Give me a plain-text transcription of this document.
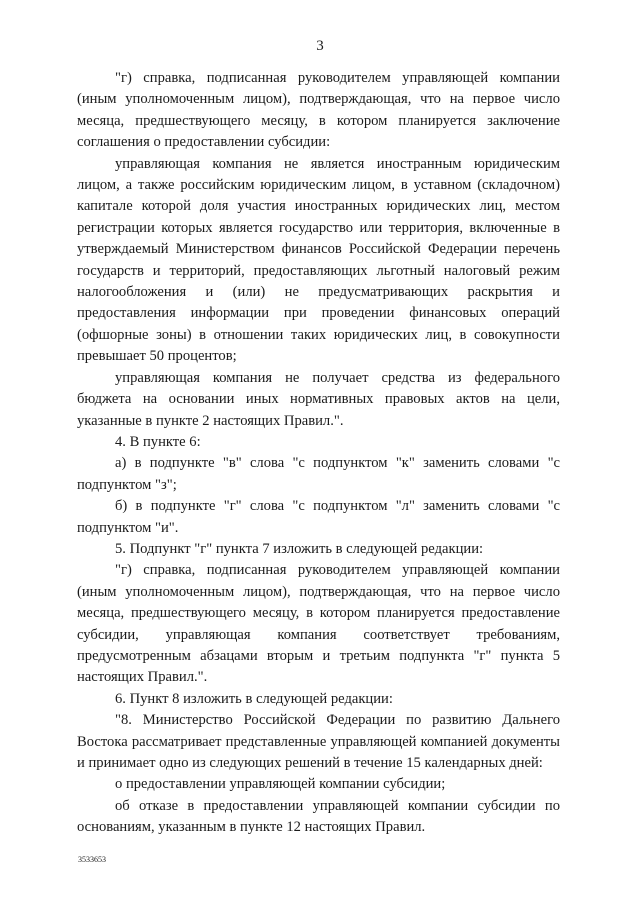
3

"г) справка, подписанная руководителем управляющей компании (иным уполномоченным лицом), подтверждающая, что на первое число месяца, предшествующего месяцу, в котором планируется заключение соглашения о предоставлении субсидии:

управляющая компания не является иностранным юридическим лицом, а также российским юридическим лицом, в уставном (складочном) капитале которой доля участия иностранных юридических лиц, местом регистрации которых является государство или территория, включенные в утверждаемый Министерством финансов Российской Федерации перечень государств и территорий, предоставляющих льготный налоговый режим налогообложения и (или) не предусматривающих раскрытия и предоставления информации при проведении финансовых операций (офшорные зоны) в отношении таких юридических лиц, в совокупности превышает 50 процентов;

управляющая компания не получает средства из федерального бюджета на основании иных нормативных правовых актов на цели, указанные в пункте 2 настоящих Правил.".

4. В пункте 6:

а) в подпункте "в" слова "с подпунктом "к" заменить словами "с подпунктом "з";

б) в подпункте "г" слова "с подпунктом "л" заменить словами "с подпунктом "и".

5. Подпункт "г" пункта 7 изложить в следующей редакции:

"г) справка, подписанная руководителем управляющей компании (иным уполномоченным лицом), подтверждающая, что на первое число месяца, предшествующего месяцу, в котором планируется предоставление субсидии, управляющая компания соответствует требованиям, предусмотренным абзацами вторым и третьим подпункта "г" пункта 5 настоящих Правил.".

6. Пункт 8 изложить в следующей редакции:

"8. Министерство Российской Федерации по развитию Дальнего Востока рассматривает представленные управляющей компанией документы и принимает одно из следующих решений в течение 15 календарных дней:

о предоставлении управляющей компании субсидии;

об отказе в предоставлении управляющей компании субсидии по основаниям, указанным в пункте 12 настоящих Правил.

3533653
